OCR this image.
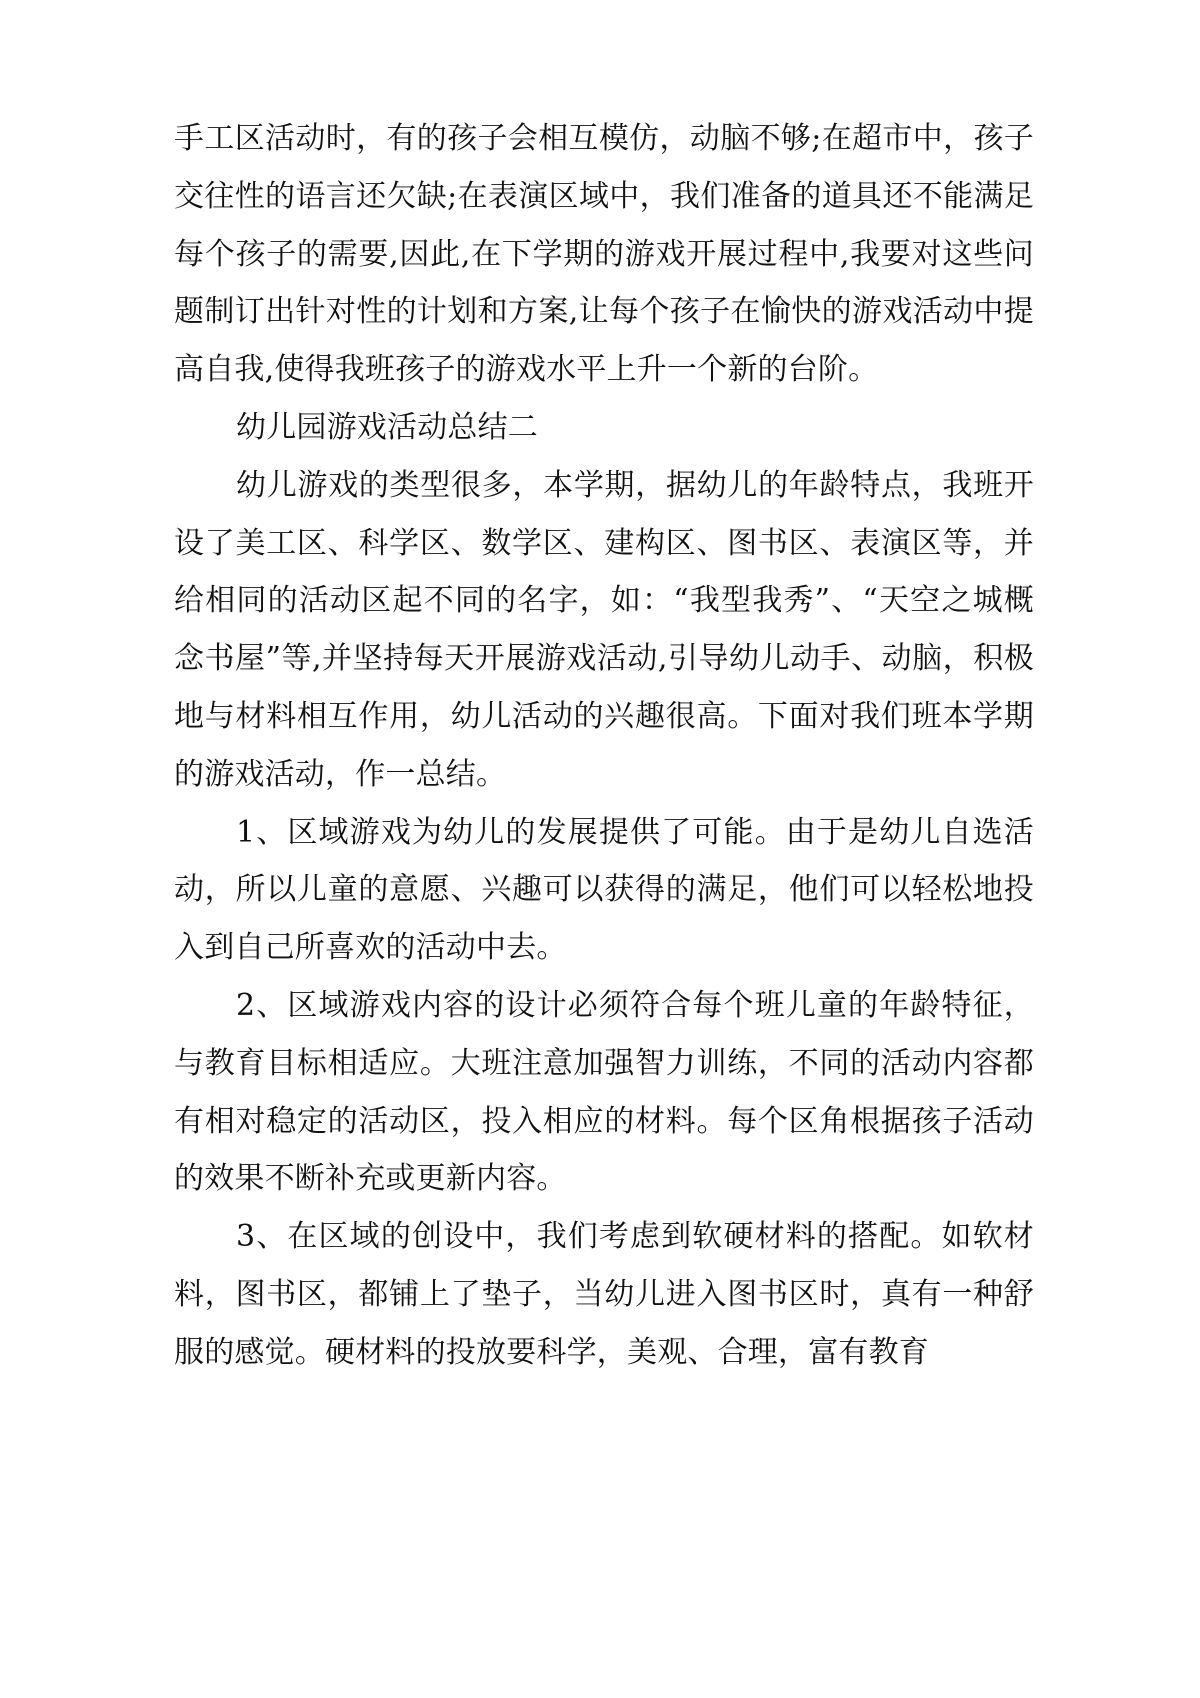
手工区活动时，有的孩子会相互模仿，动脑不够;在超市中，孩子交往性的语言还欠缺;在表演区域中，我们准备的道具还不能满足每个孩子的需要,因此,在下学期的游戏开展过程中,我要对这些问题制订出针对性的计划和方案,让每个孩子在愉快的游戏活动中提高自我,使得我班孩子的游戏水平上升一个新的台阶。

幼儿园游戏活动总结二

幼儿游戏的类型很多，本学期，据幼儿的年龄特点，我班开设了美工区、科学区、数学区、建构区、图书区、表演区等，并给相同的活动区起不同的名字，如：“我型我秀”、“天空之城概念书屋”等,并坚持每天开展游戏活动,引导幼儿动手、动脑，积极地与材料相互作用，幼儿活动的兴趣很高。下面对我们班本学期的游戏活动，作一总结。

1、区域游戏为幼儿的发展提供了可能。由于是幼儿自选活动，所以儿童的意愿、兴趣可以获得的满足，他们可以轻松地投入到自己所喜欢的活动中去。

2、区域游戏内容的设计必须符合每个班儿童的年龄特征，与教育目标相适应。大班注意加强智力训练，不同的活动内容都有相对稳定的活动区，投入相应的材料。每个区角根据孩子活动的效果不断补充或更新内容。

3、在区域的创设中，我们考虑到软硬材料的搭配。如软材料，图书区，都铺上了垫子，当幼儿进入图书区时，真有一种舒服的感觉。硬材料的投放要科学，美观、合理，富有教育
